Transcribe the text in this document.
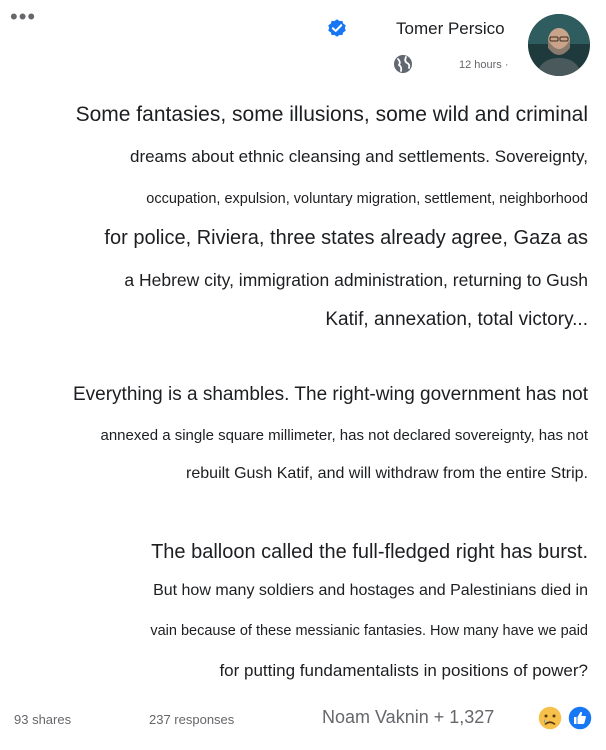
•••	Tomer Persico
12 hours ·
Some fantasies, some illusions, some wild and criminal
dreams about ethnic cleansing and settlements. Sovereignty,
occupation, expulsion, voluntary migration, settlement, neighborhood
for police, Riviera, three states already agree, Gaza as
a Hebrew city, immigration administration, returning to Gush
Katif, annexation, total victory...
Everything is a shambles. The right-wing government has not
annexed a single square millimeter, has not declared sovereignty, has not
rebuilt Gush Katif, and will withdraw from the entire Strip.
The balloon called the full-fledged right has burst.
But how many soldiers and hostages and Palestinians died in
vain because of these messianic fantasies. How many have we paid
for putting fundamentalists in positions of power?
93 shares	237 responses	Noam Vaknin + 1,327
